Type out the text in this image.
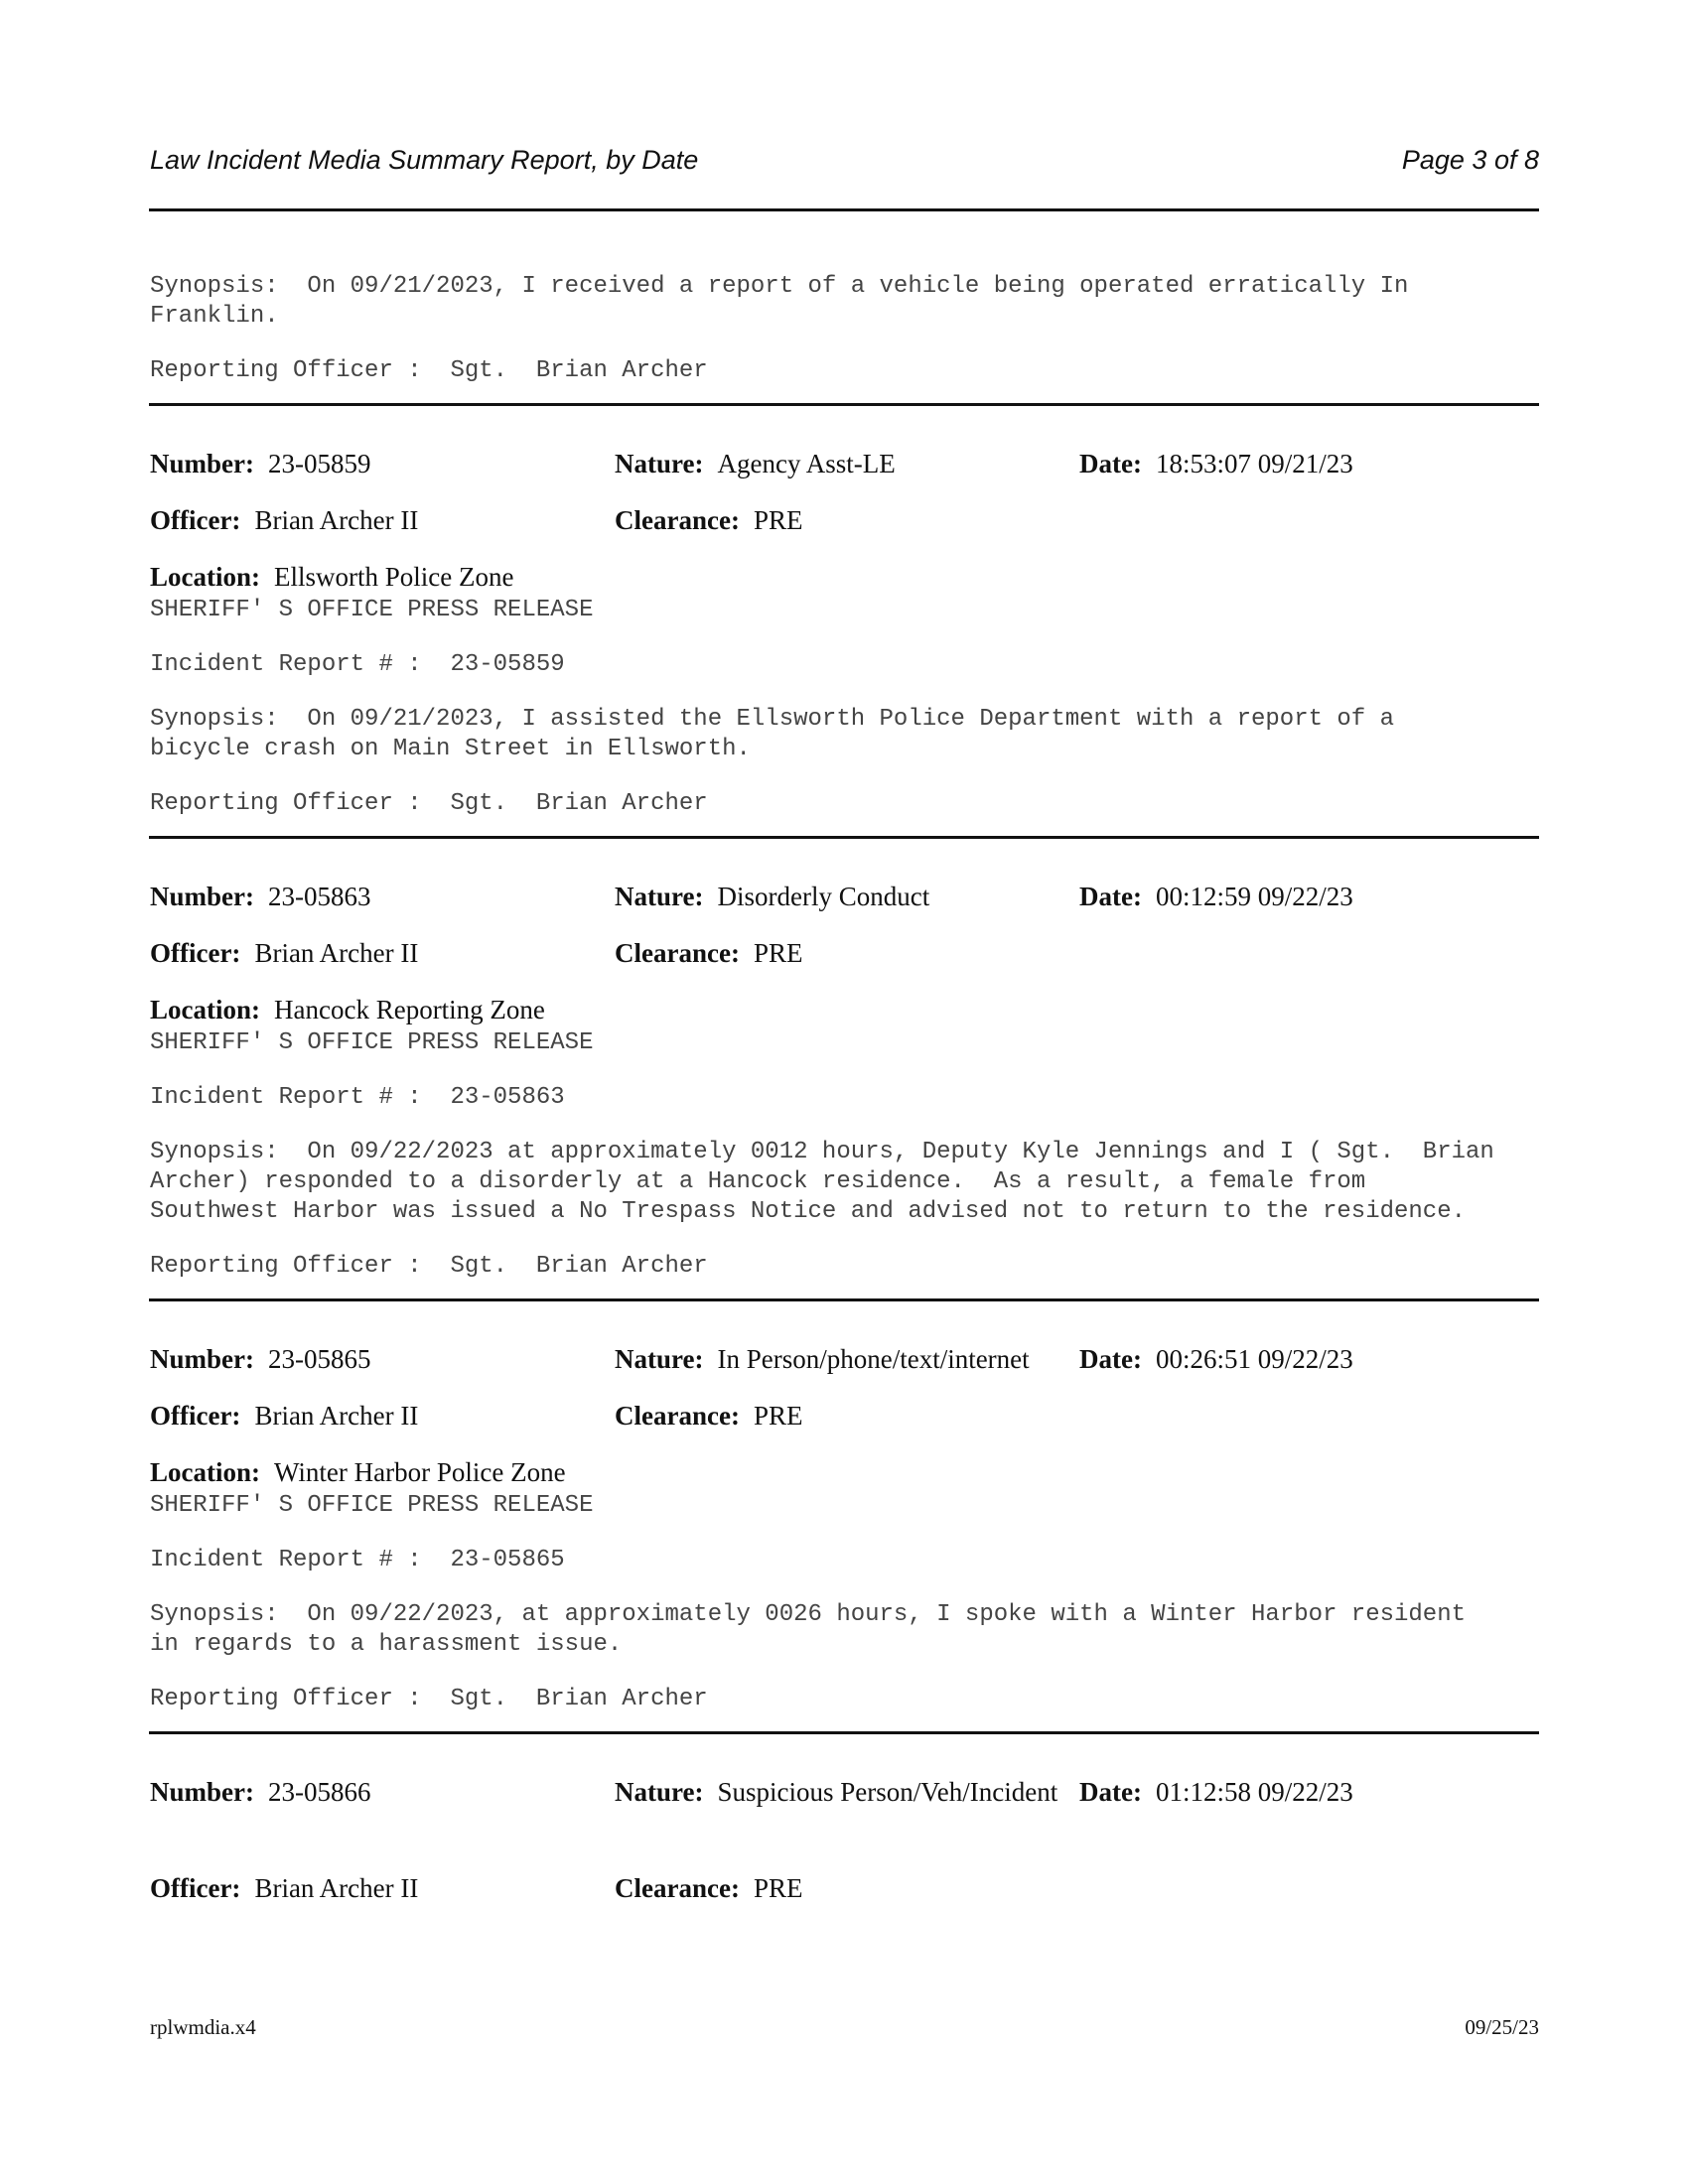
Law Incident Media Summary Report, by Date	Page 3 of 8
Synopsis:  On 09/21/2023, I received a report of a vehicle being operated erratically In
Franklin.
Reporting Officer :  Sgt.  Brian Archer
Number: 23-05859	Nature: Agency Asst-LE	Date: 18:53:07 09/21/23
Officer: Brian Archer II	Clearance: PRE
Location: Ellsworth Police Zone
SHERIFF' S OFFICE PRESS RELEASE
Incident Report # :  23-05859
Synopsis:  On 09/21/2023, I assisted the Ellsworth Police Department with a report of a
bicycle crash on Main Street in Ellsworth.
Reporting Officer :  Sgt.  Brian Archer
Number: 23-05863	Nature: Disorderly Conduct	Date: 00:12:59 09/22/23
Officer: Brian Archer II	Clearance: PRE
Location: Hancock Reporting Zone
SHERIFF' S OFFICE PRESS RELEASE
Incident Report # :  23-05863
Synopsis:  On 09/22/2023 at approximately 0012 hours, Deputy Kyle Jennings and I ( Sgt.  Brian
Archer) responded to a disorderly at a Hancock residence.  As a result, a female from
Southwest Harbor was issued a No Trespass Notice and advised not to return to the residence.
Reporting Officer :  Sgt.  Brian Archer
Number: 23-05865	Nature: In Person/phone/text/internet Date: 00:26:51 09/22/23
Officer: Brian Archer II	Clearance: PRE
Location: Winter Harbor Police Zone
SHERIFF' S OFFICE PRESS RELEASE
Incident Report # :  23-05865
Synopsis:  On 09/22/2023, at approximately 0026 hours, I spoke with a Winter Harbor resident
in regards to a harassment issue.
Reporting Officer :  Sgt.  Brian Archer
Number: 23-05866	Nature: Suspicious Person/Veh/Incident Date: 01:12:58 09/22/23
Officer: Brian Archer II	Clearance: PRE
rplwmdia.x4	09/25/23
